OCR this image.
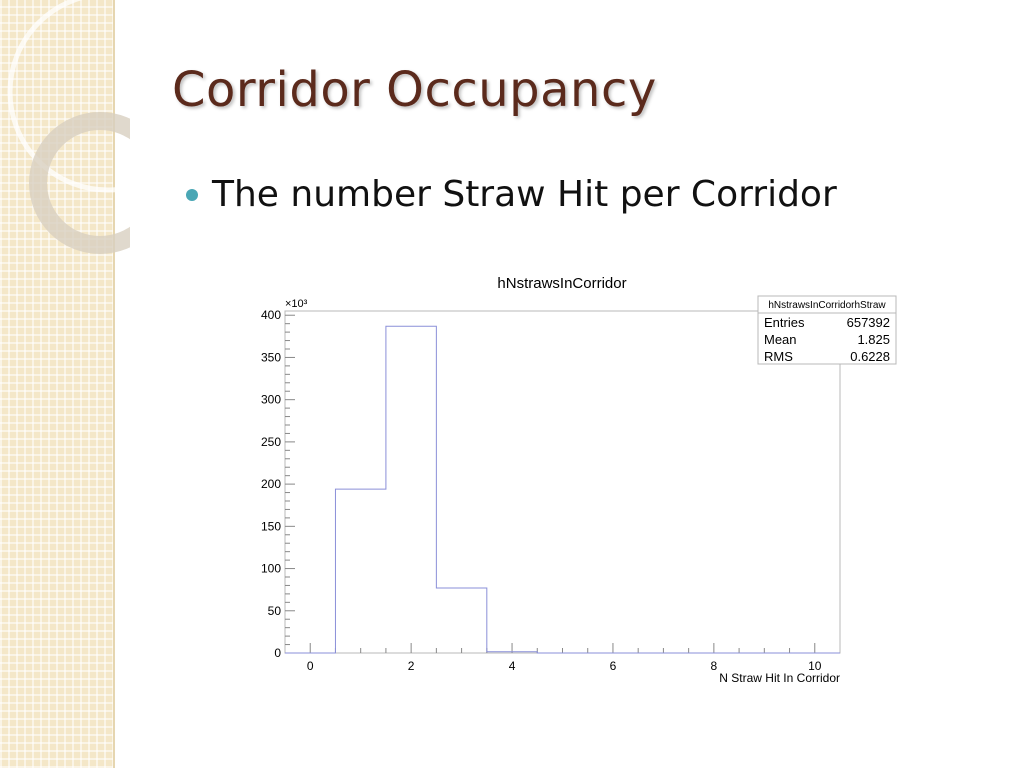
Corridor Occupancy
The number Straw Hit per Corridor
hNstrawsInCorridor
0
50
100
150
200
250
300
350
400
0	2	4	6	8	10
×10³
N Straw Hit In Corridor
hNstrawsInCorridorhStraw
Entries	657392
Mean	1.825
RMS	0.6228
